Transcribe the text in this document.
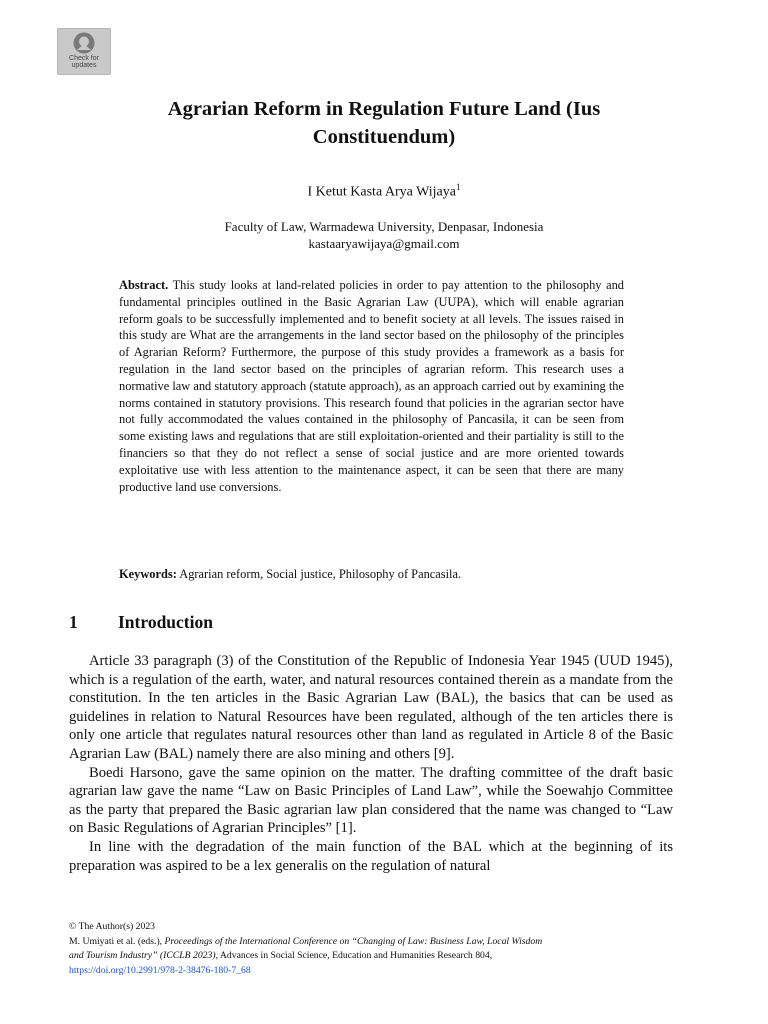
Check for
updates
Agrarian Reform in Regulation Future Land (Ius
Constituendum)
I Ketut Kasta Arya Wijaya$^1$
Faculty of Law, Warmadewa University, Denpasar, Indonesia
kastaaryawijaya@gmail.com

Abstract. This study looks at land-related policies in order to pay attention to the philosophy and fundamental principles outlined in the Basic Agrarian Law (UUPA), which will enable agrarian reform goals to be successfully implemented and to benefit society at all levels. The issues raised in this study are What are the arrangements in the land sector based on the philosophy of the principles of Agrarian Reform? Furthermore, the purpose of this study provides a framework as a basis for regulation in the land sector based on the principles of agrarian reform. This research uses a normative law and statutory approach (statute approach), as an approach carried out by examining the norms contained in statutory provisions. This research found that policies in the agrarian sector have not fully accommodated the values contained in the philosophy of Pancasila, it can be seen from some existing laws and regulations that are still exploitation-oriented and their partiality is still to the financiers so that they do not reflect a sense of social justice and are more oriented towards exploitative use with less attention to the maintenance aspect, it can be seen that there are many productive land use conversions.

Keywords: Agrarian reform, Social justice, Philosophy of Pancasila.

1 Introduction

Article 33 paragraph (3) of the Constitution of the Republic of Indonesia Year 1945 (UUD 1945), which is a regulation of the earth, water, and natural resources contained therein as a mandate from the constitution. In the ten articles in the Basic Agrarian Law (BAL), the basics that can be used as guidelines in relation to Natural Resources have been regulated, although of the ten articles there is only one article that regulates natural resources other than land as regulated in Article 8 of the Basic Agrarian Law (BAL) namely there are also mining and others [9].

Boedi Harsono, gave the same opinion on the matter. The drafting committee of the draft basic agrarian law gave the name “Law on Basic Principles of Land Law”, while the Soewahjo Committee as the party that prepared the Basic agrarian law plan considered that the name was changed to “Law on Basic Regulations of Agrarian Principles” [1].

In line with the degradation of the main function of the BAL which at the beginning of its preparation was aspired to be a lex generalis on the regulation of natural

© The Author(s) 2023
M. Umiyati et al. (eds.), Proceedings of the International Conference on “Changing of Law: Business Law, Local Wisdom
and Tourism Industry” (ICCLB 2023), Advances in Social Science, Education and Humanities Research 804,
https://doi.org/10.2991/978-2-38476-180-7_68
